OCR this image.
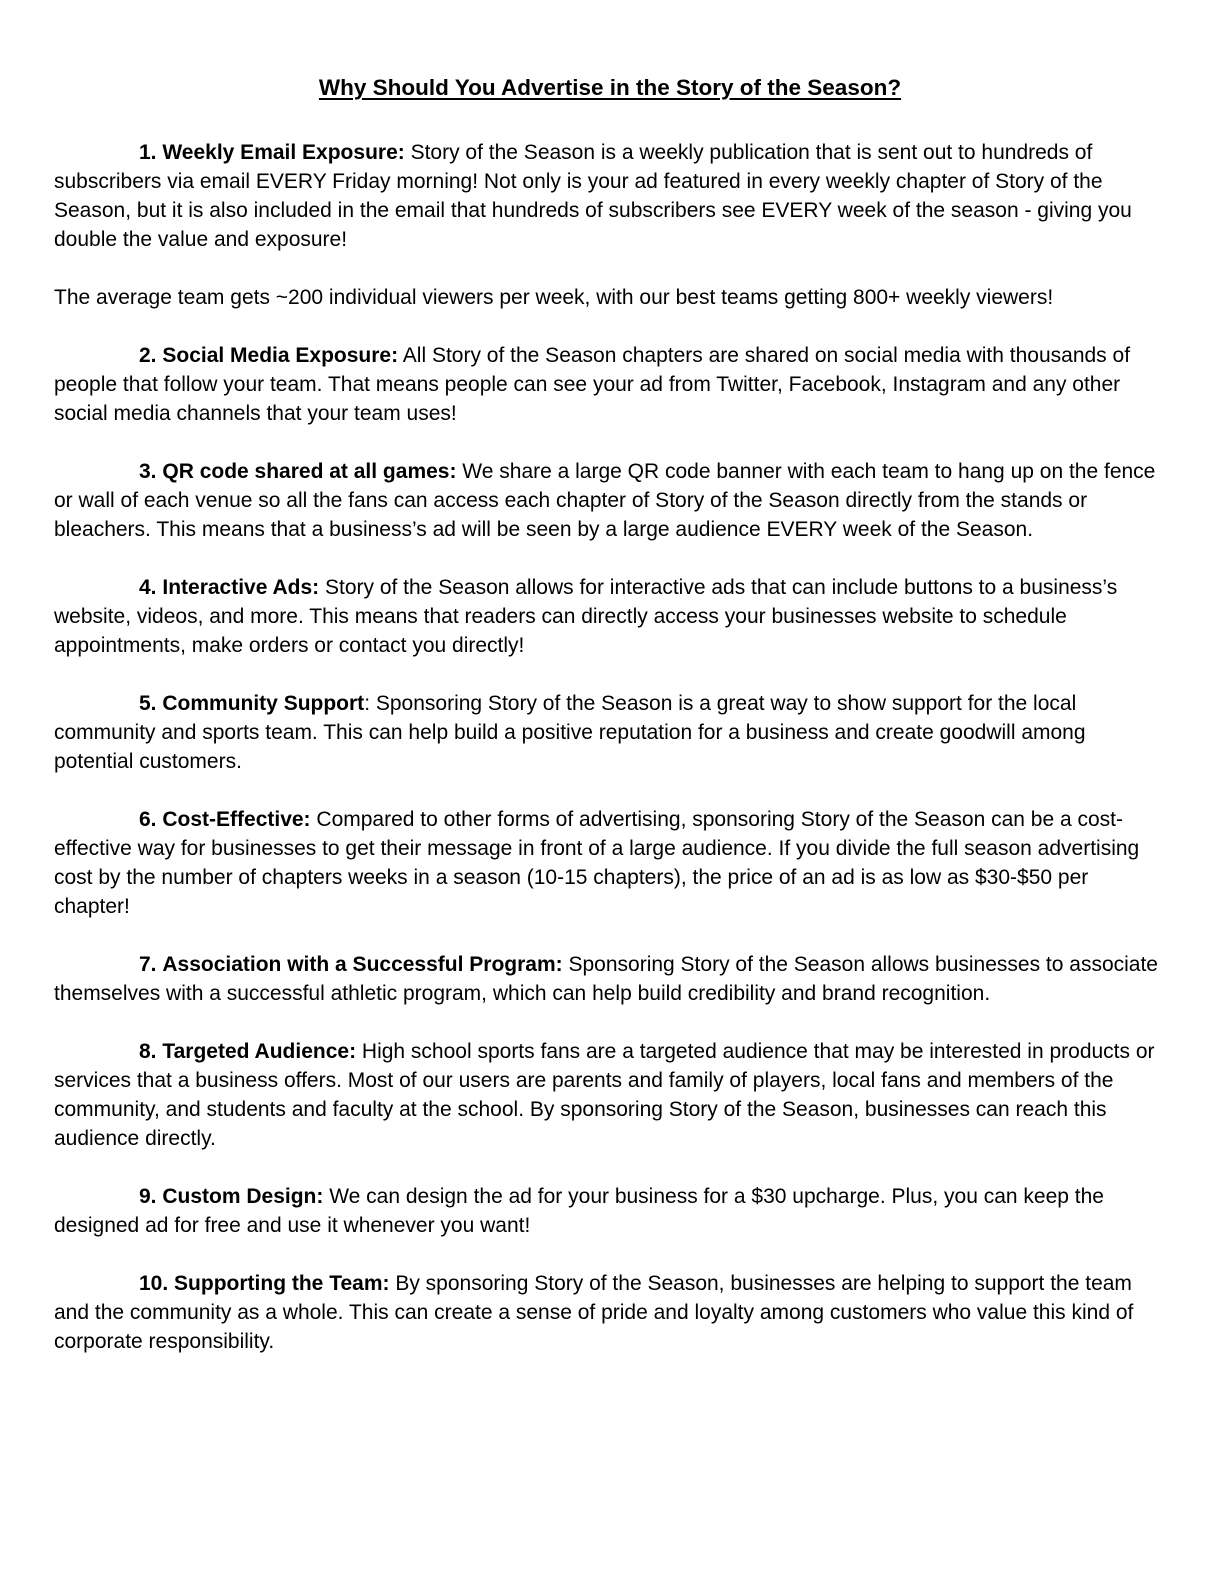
Why Should You Advertise in the Story of the Season?

1. Weekly Email Exposure: Story of the Season is a weekly publication that is sent out to hundreds of subscribers via email EVERY Friday morning! Not only is your ad featured in every weekly chapter of Story of the Season, but it is also included in the email that hundreds of subscribers see EVERY week of the season - giving you double the value and exposure!

The average team gets ~200 individual viewers per week, with our best teams getting 800+ weekly viewers!

2. Social Media Exposure: All Story of the Season chapters are shared on social media with thousands of people that follow your team. That means people can see your ad from Twitter, Facebook, Instagram and any other social media channels that your team uses!

3. QR code shared at all games: We share a large QR code banner with each team to hang up on the fence or wall of each venue so all the fans can access each chapter of Story of the Season directly from the stands or bleachers. This means that a business’s ad will be seen by a large audience EVERY week of the Season.

4. Interactive Ads: Story of the Season allows for interactive ads that can include buttons to a business’s website, videos, and more. This means that readers can directly access your businesses website to schedule appointments, make orders or contact you directly!

5. Community Support: Sponsoring Story of the Season is a great way to show support for the local community and sports team. This can help build a positive reputation for a business and create goodwill among potential customers.

6. Cost-Effective: Compared to other forms of advertising, sponsoring Story of the Season can be a cost-effective way for businesses to get their message in front of a large audience. If you divide the full season advertising cost by the number of chapters weeks in a season (10-15 chapters), the price of an ad is as low as $30-$50 per chapter!

7. Association with a Successful Program: Sponsoring Story of the Season allows businesses to associate themselves with a successful athletic program, which can help build credibility and brand recognition.

8. Targeted Audience: High school sports fans are a targeted audience that may be interested in products or services that a business offers. Most of our users are parents and family of players, local fans and members of the community, and students and faculty at the school. By sponsoring Story of the Season, businesses can reach this audience directly.

9. Custom Design: We can design the ad for your business for a $30 upcharge. Plus, you can keep the designed ad for free and use it whenever you want!

10. Supporting the Team: By sponsoring Story of the Season, businesses are helping to support the team and the community as a whole. This can create a sense of pride and loyalty among customers who value this kind of corporate responsibility.
